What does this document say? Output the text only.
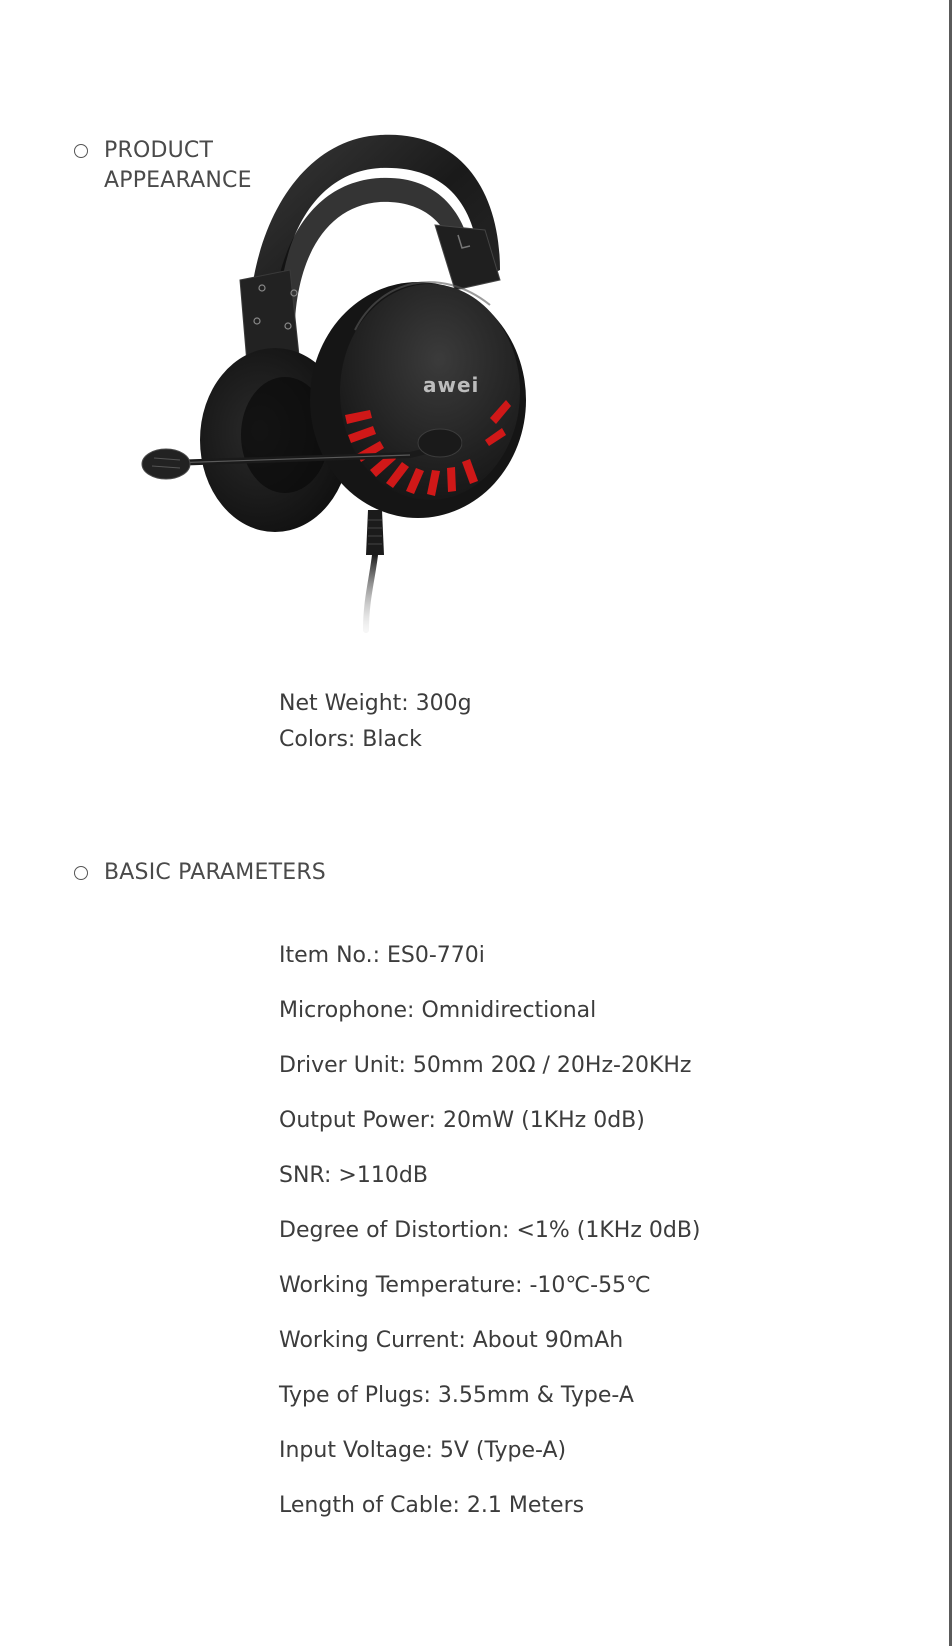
PRODUCT
APPEARANCE
awei
Net Weight: 300g
Colors: Black
BASIC PARAMETERS
Item No.: ES0-770i
Microphone: Omnidirectional
Driver Unit: 50mm 20Ω / 20Hz-20KHz
Output Power: 20mW (1KHz 0dB)
SNR: >110dB
Degree of Distortion: <1% (1KHz 0dB)
Working Temperature: -10℃-55℃
Working Current: About 90mAh
Type of Plugs: 3.55mm & Type-A
Input Voltage: 5V (Type-A)
Length of Cable: 2.1 Meters
